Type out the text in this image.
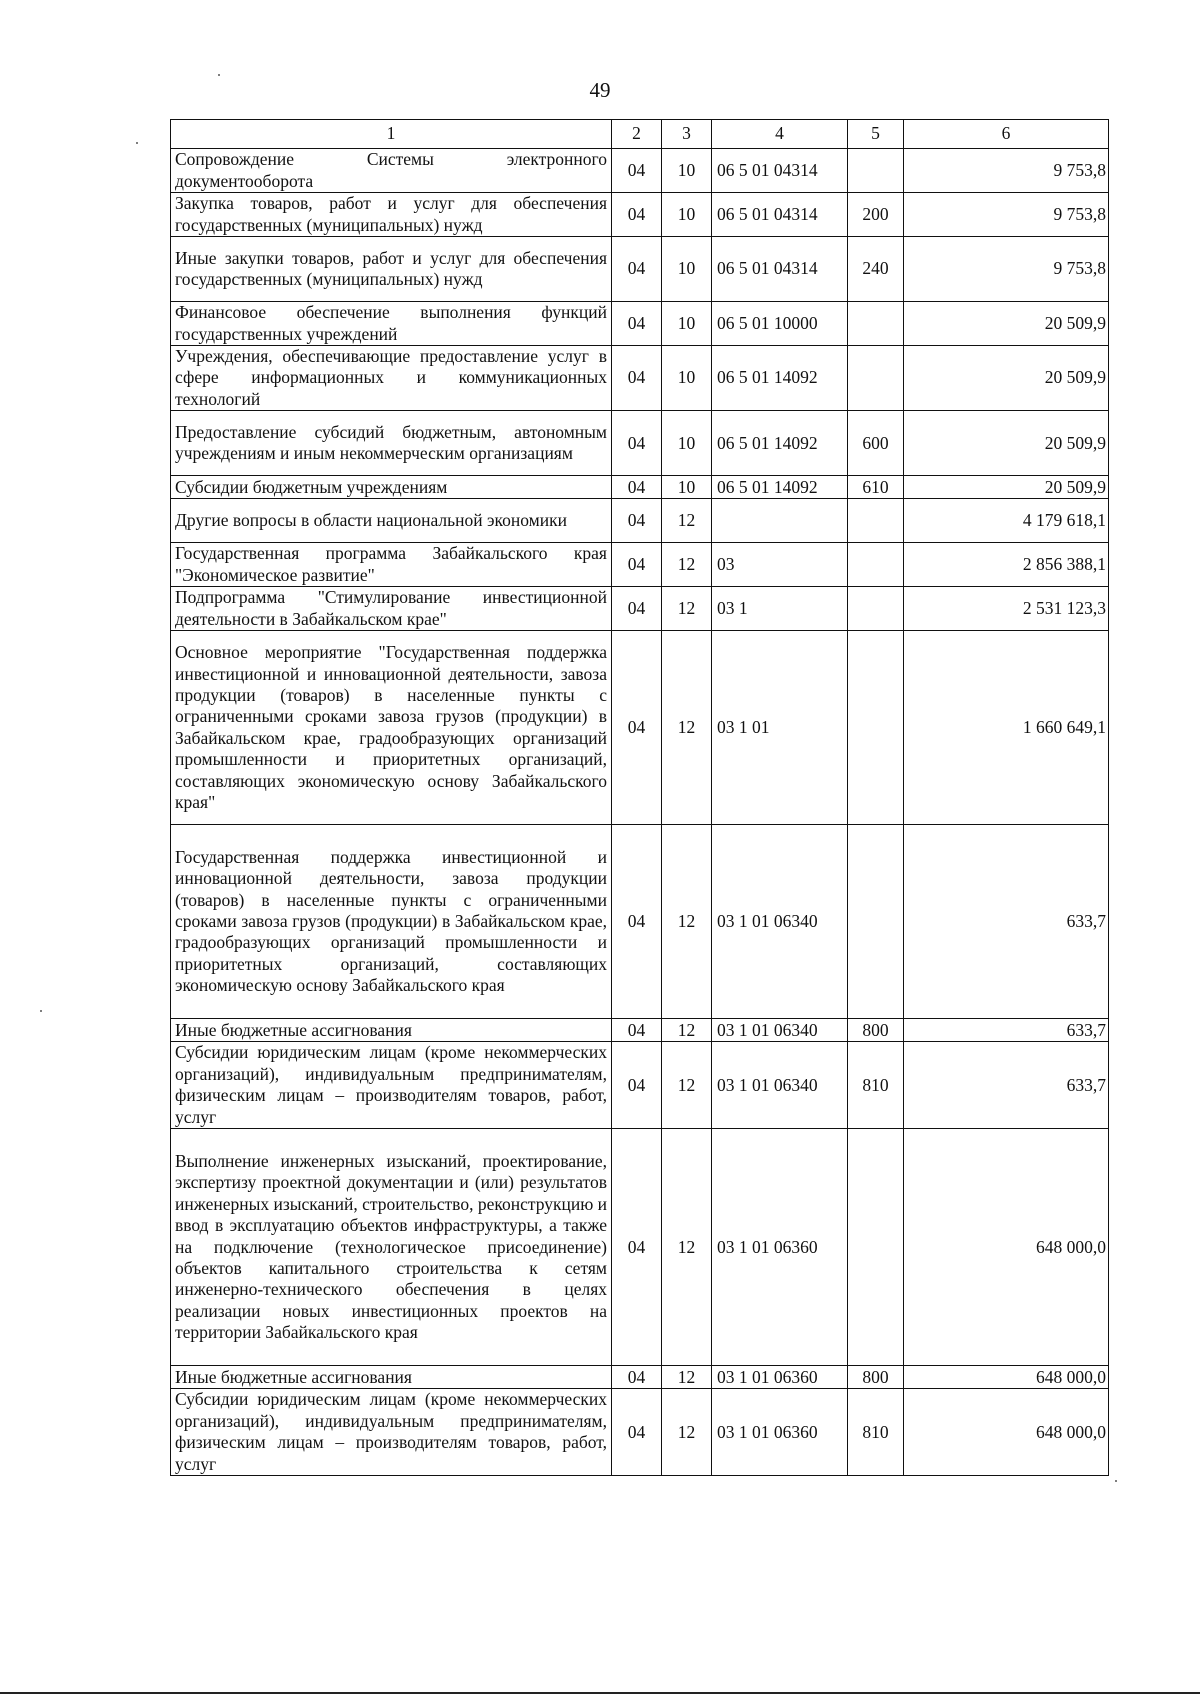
49
1	2	3	4	5	6
Сопровождение Системы электронного документооборота	04	10	06 5 01 04314		9 753,8
Закупка товаров, работ и услуг для обеспечения государственных (муниципальных) нужд	04	10	06 5 01 04314	200	9 753,8
Иные закупки товаров, работ и услуг для обеспечения государственных (муниципальных) нужд	04	10	06 5 01 04314	240	9 753,8
Финансовое обеспечение выполнения функций государственных учреждений	04	10	06 5 01 10000		20 509,9
Учреждения, обеспечивающие предоставление услуг в сфере информационных и коммуникационных технологий	04	10	06 5 01 14092		20 509,9
Предоставление субсидий бюджетным, автономным учреждениям и иным некоммерческим организациям	04	10	06 5 01 14092	600	20 509,9
Субсидии бюджетным учреждениям	04	10	06 5 01 14092	610	20 509,9
Другие вопросы в области национальной экономики	04	12			4 179 618,1
Государственная программа Забайкальского края "Экономическое развитие"	04	12	03		2 856 388,1
Подпрограмма "Стимулирование инвестиционной деятельности в Забайкальском крае"	04	12	03 1		2 531 123,3
Основное мероприятие "Государственная поддержка инвестиционной и инновационной деятельности, завоза продукции (товаров) в населенные пункты с ограниченными сроками завоза грузов (продукции) в Забайкальском крае, градообразующих организаций промышленности и приоритетных организаций, составляющих экономическую основу Забайкальского края"	04	12	03 1 01		1 660 649,1
Государственная поддержка инвестиционной и инновационной деятельности, завоза продукции (товаров) в населенные пункты с ограниченными сроками завоза грузов (продукции) в Забайкальском крае, градообразующих организаций промышленности и приоритетных организаций, составляющих экономическую основу Забайкальского края	04	12	03 1 01 06340		633,7
Иные бюджетные ассигнования	04	12	03 1 01 06340	800	633,7
Субсидии юридическим лицам (кроме некоммерческих организаций), индивидуальным предпринимателям, физическим лицам – производителям товаров, работ, услуг	04	12	03 1 01 06340	810	633,7
Выполнение инженерных изысканий, проектирование, экспертизу проектной документации и (или) результатов инженерных изысканий, строительство, реконструкцию и ввод в эксплуатацию объектов инфраструктуры, а также на подключение (технологическое присоединение) объектов капитального строительства к сетям инженерно-технического обеспечения в целях реализации новых инвестиционных проектов на территории Забайкальского края	04	12	03 1 01 06360		648 000,0
Иные бюджетные ассигнования	04	12	03 1 01 06360	800	648 000,0
Субсидии юридическим лицам (кроме некоммерческих организаций), индивидуальным предпринимателям, физическим лицам – производителям товаров, работ, услуг	04	12	03 1 01 06360	810	648 000,0
